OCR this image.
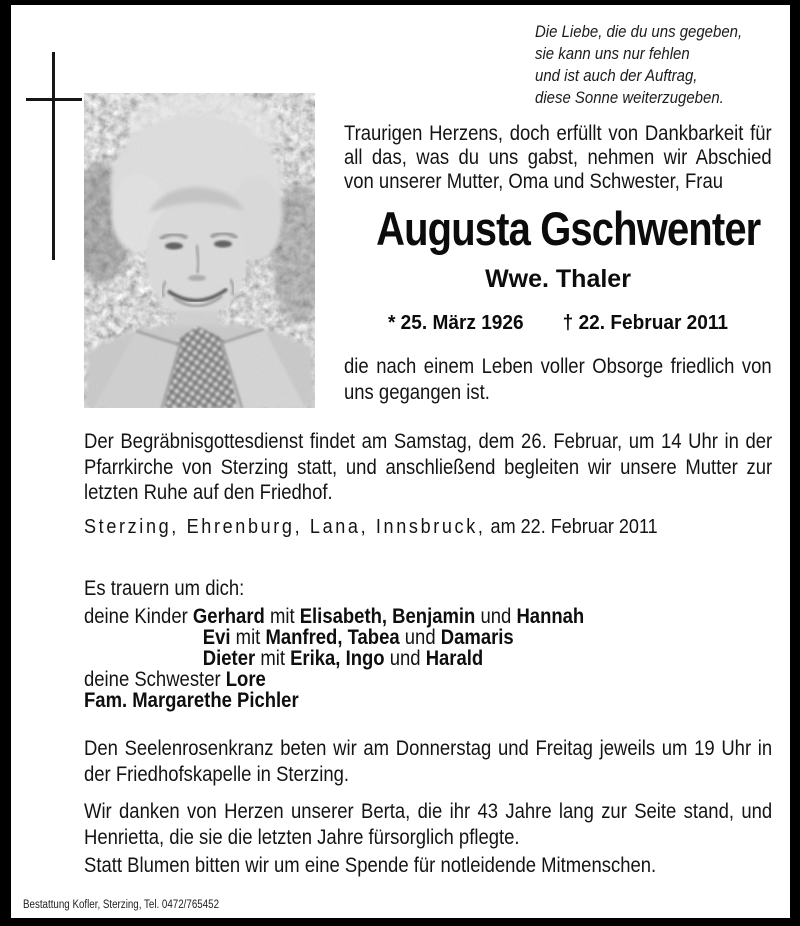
Die Liebe, die du uns gegeben,
sie kann uns nur fehlen
und ist auch der Auftrag,
diese Sonne weiterzugeben.

Traurigen Herzens, doch erfüllt von Dankbarkeit für all das, was du uns gabst, nehmen wir Abschied von unserer Mutter, Oma und Schwester, Frau

Augusta Gschwenter
Wwe. Thaler
* 25. März 1926 † 22. Februar 2011

die nach einem Leben voller Obsorge friedlich von uns gegangen ist.

Der Begräbnisgottesdienst findet am Samstag, dem 26. Februar, um 14 Uhr in der Pfarrkirche von Sterzing statt, und anschließend begleiten wir unsere Mutter zur letzten Ruhe auf den Friedhof.

Sterzing, Ehrenburg, Lana, Innsbruck, am 22. Februar 2011

Es trauern um dich:

deine Kinder Gerhard mit Elisabeth, Benjamin und Hannah
Evi mit Manfred, Tabea und Damaris
Dieter mit Erika, Ingo und Harald
deine Schwester Lore
Fam. Margarethe Pichler

Den Seelenrosenkranz beten wir am Donnerstag und Freitag jeweils um 19 Uhr in der Friedhofskapelle in Sterzing.

Wir danken von Herzen unserer Berta, die ihr 43 Jahre lang zur Seite stand, und Henrietta, die sie die letzten Jahre fürsorglich pflegte.

Statt Blumen bitten wir um eine Spende für notleidende Mitmenschen.

Bestattung Kofler, Sterzing, Tel. 0472/765452
